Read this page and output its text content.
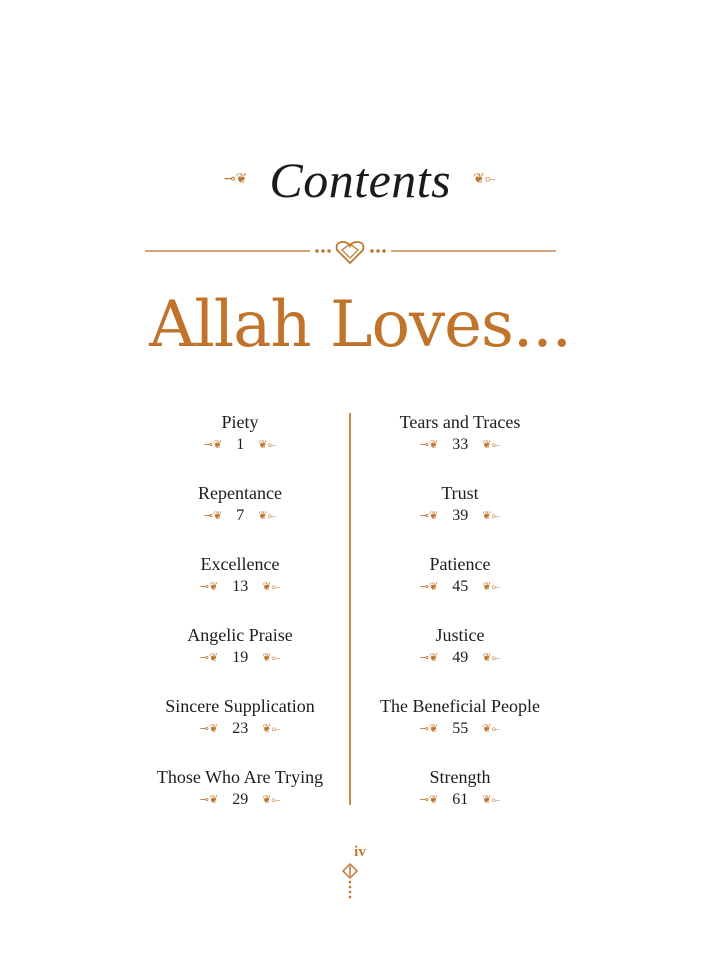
⊸❦ Contents ❦⟜
Allah Loves...
Piety
⊸❦ 1 ❦⟜
Repentance
⊸❦ 7 ❦⟜
Excellence
⊸❦ 13 ❦⟜
Angelic Praise
⊸❦ 19 ❦⟜
Sincere Supplication
⊸❦ 23 ❦⟜
Those Who Are Trying
⊸❦ 29 ❦⟜
Tears and Traces
⊸❦ 33 ❦⟜
Trust
⊸❦ 39 ❦⟜
Patience
⊸❦ 45 ❦⟜
Justice
⊸❦ 49 ❦⟜
The Beneficial People
⊸❦ 55 ❦⟜
Strength
⊸❦ 61 ❦⟜
iv
